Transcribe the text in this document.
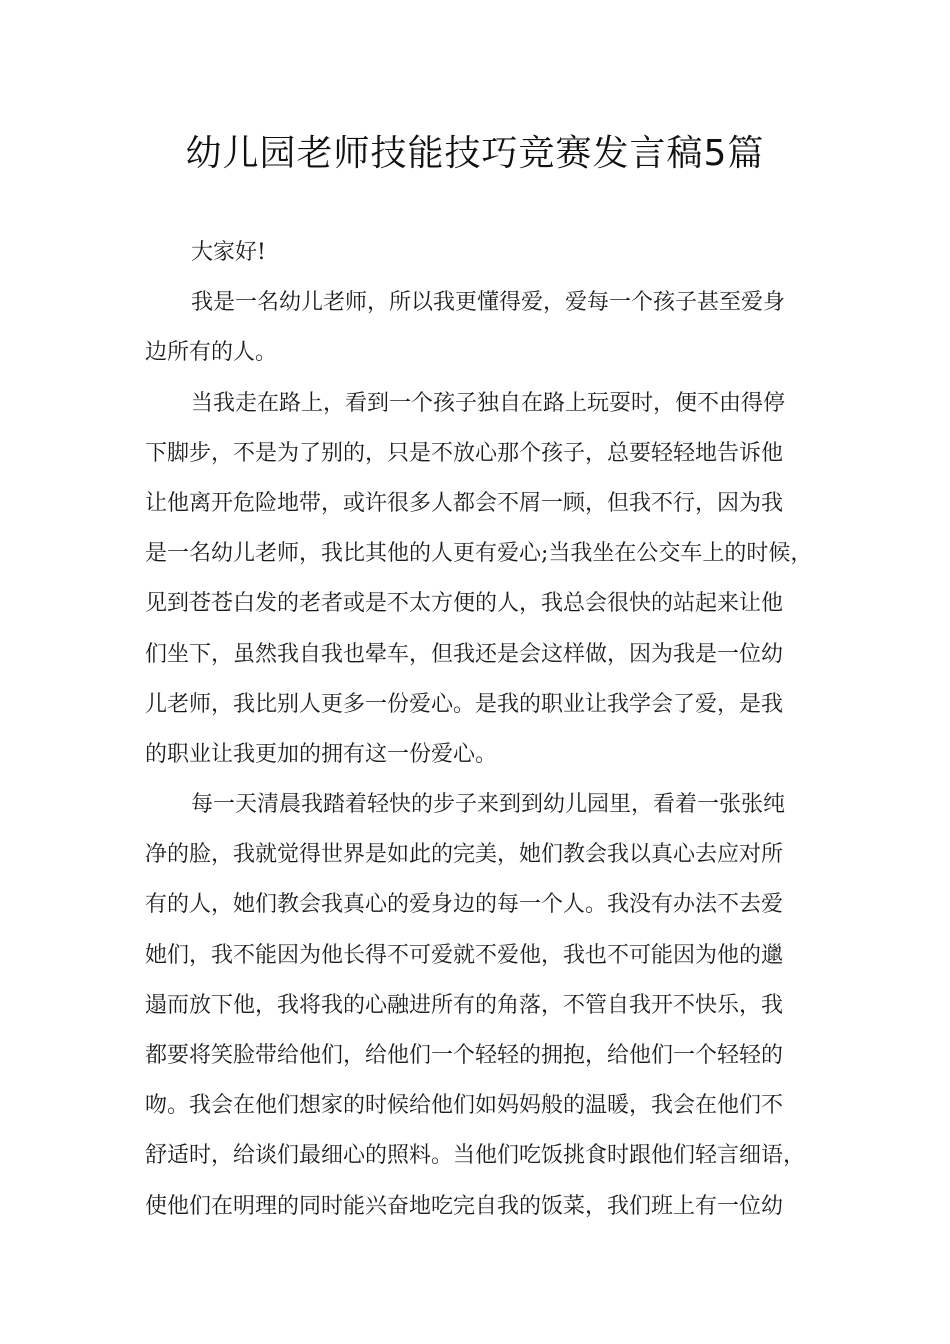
幼儿园老师技能技巧竞赛发言稿5篇
大家好!
我是一名幼儿老师，所以我更懂得爱，爱每一个孩子甚至爱身
边所有的人。
当我走在路上，看到一个孩子独自在路上玩耍时，便不由得停
下脚步，不是为了别的，只是不放心那个孩子，总要轻轻地告诉他
让他离开危险地带，或许很多人都会不屑一顾，但我不行，因为我
是一名幼儿老师，我比其他的人更有爱心;当我坐在公交车上的时候，
见到苍苍白发的老者或是不太方便的人，我总会很快的站起来让他
们坐下，虽然我自我也晕车，但我还是会这样做，因为我是一位幼
儿老师，我比别人更多一份爱心。是我的职业让我学会了爱，是我
的职业让我更加的拥有这一份爱心。
每一天清晨我踏着轻快的步子来到到幼儿园里，看着一张张纯
净的脸，我就觉得世界是如此的完美，她们教会我以真心去应对所
有的人，她们教会我真心的爱身边的每一个人。我没有办法不去爱
她们，我不能因为他长得不可爱就不爱他，我也不可能因为他的邋
遢而放下他，我将我的心融进所有的角落，不管自我开不快乐，我
都要将笑脸带给他们，给他们一个轻轻的拥抱，给他们一个轻轻的
吻。我会在他们想家的时候给他们如妈妈般的温暖，我会在他们不
舒适时，给谈们最细心的照料。当他们吃饭挑食时跟他们轻言细语，
使他们在明理的同时能兴奋地吃完自我的饭菜，我们班上有一位幼
